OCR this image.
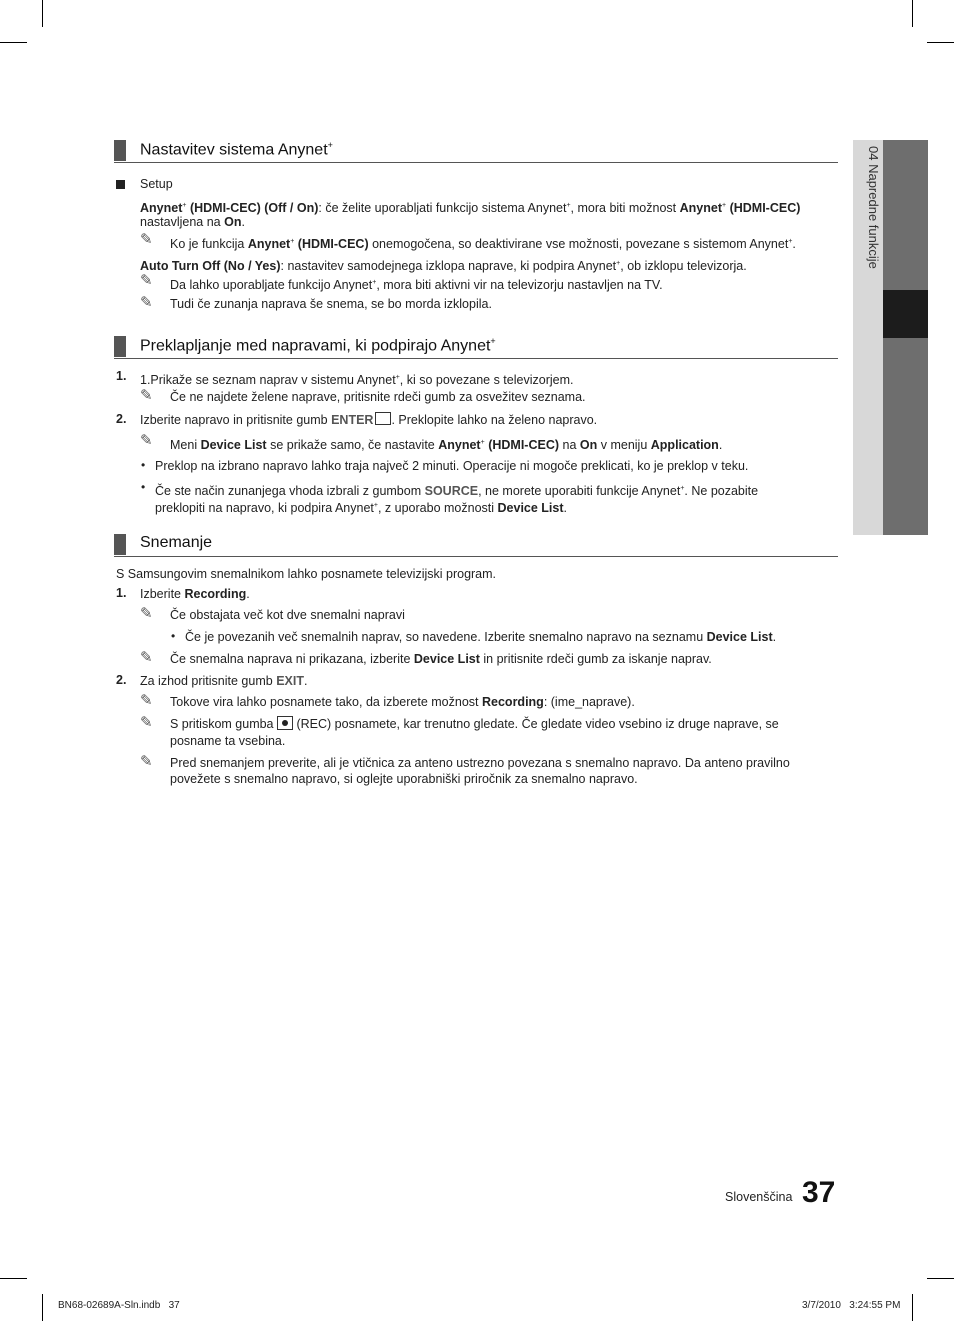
04 Napredne funkcije
Nastavitev sistema Anynet+
Setup
Anynet+ (HDMI-CEC) (Off / On): če želite uporabljati funkcijo sistema Anynet+, mora biti možnost Anynet+ (HDMI-CEC)
nastavljena na On.
✎ Ko je funkcija Anynet+ (HDMI-CEC) onemogočena, so deaktivirane vse možnosti, povezane s sistemom Anynet+.
Auto Turn Off (No / Yes): nastavitev samodejnega izklopa naprave, ki podpira Anynet+, ob izklopu televizorja.
✎ Da lahko uporabljate funkcijo Anynet+, mora biti aktivni vir na televizorju nastavljen na TV.
✎ Tudi če zunanja naprava še snema, se bo morda izklopila.
Preklapljanje med napravami, ki podpirajo Anynet+
1. 1.Prikaže se seznam naprav v sistemu Anynet+, ki so povezane s televizorjem.
✎ Če ne najdete želene naprave, pritisnite rdeči gumb za osvežitev seznama.
2. Izberite napravo in pritisnite gumb ENTER . Preklopite lahko na želeno napravo.
✎ Meni Device List se prikaže samo, če nastavite Anynet+ (HDMI-CEC) na On v meniju Application.
• Preklop na izbrano napravo lahko traja največ 2 minuti. Operacije ni mogoče preklicati, ko je preklop v teku.
• Če ste način zunanjega vhoda izbrali z gumbom SOURCE, ne morete uporabiti funkcije Anynet+. Ne pozabite
preklopiti na napravo, ki podpira Anynet+, z uporabo možnosti Device List.
Snemanje
S Samsungovim snemalnikom lahko posnamete televizijski program.
1. Izberite Recording.
✎ Če obstajata več kot dve snemalni napravi
• Če je povezanih več snemalnih naprav, so navedene. Izberite snemalno napravo na seznamu Device List.
✎ Če snemalna naprava ni prikazana, izberite Device List in pritisnite rdeči gumb za iskanje naprav.
2. Za izhod pritisnite gumb EXIT.
✎ Tokove vira lahko posnamete tako, da izberete možnost Recording: (ime_naprave).
✎ S pritiskom gumba (REC) posnamete, kar trenutno gledate. Če gledate video vsebino iz druge naprave, se
posname ta vsebina.
✎ Pred snemanjem preverite, ali je vtičnica za anteno ustrezno povezana s snemalno napravo. Da anteno pravilno
povežete s snemalno napravo, si oglejte uporabniški priročnik za snemalno napravo.
Slovenščina 37
BN68-02689A-Sln.indb   37	3/7/2010   3:24:55 PM
